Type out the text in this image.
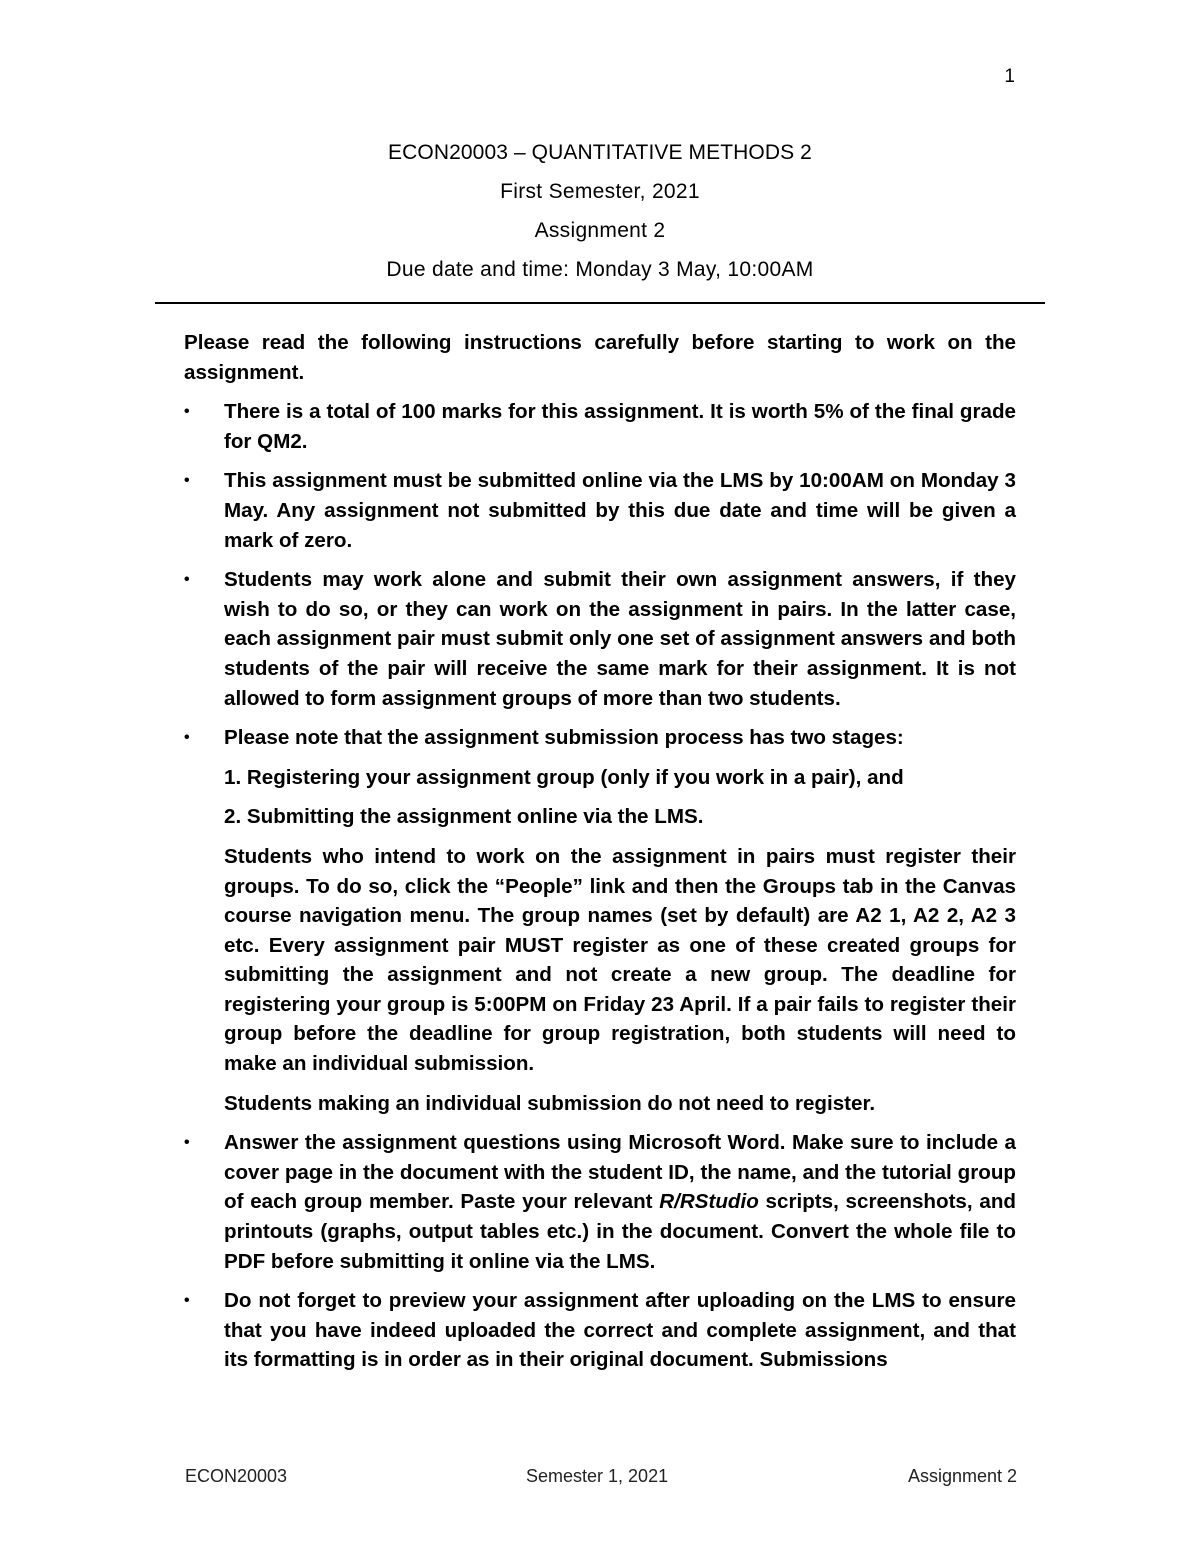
1
ECON20003 – QUANTITATIVE METHODS 2
First Semester, 2021
Assignment 2
Due date and time: Monday 3 May, 10:00AM

Please read the following instructions carefully before starting to work on the assignment.

•	There is a total of 100 marks for this assignment. It is worth 5% of the final grade for QM2.

•	This assignment must be submitted online via the LMS by 10:00AM on Monday 3 May. Any assignment not submitted by this due date and time will be given a mark of zero.

•	Students may work alone and submit their own assignment answers, if they wish to do so, or they can work on the assignment in pairs. In the latter case, each assignment pair must submit only one set of assignment answers and both students of the pair will receive the same mark for their assignment. It is not allowed to form assignment groups of more than two students.

•	Please note that the assignment submission process has two stages:

1. Registering your assignment group (only if you work in a pair), and

2. Submitting the assignment online via the LMS.

Students who intend to work on the assignment in pairs must register their groups. To do so, click the “People” link and then the Groups tab in the Canvas course navigation menu. The group names (set by default) are A2 1, A2 2, A2 3 etc. Every assignment pair MUST register as one of these created groups for submitting the assignment and not create a new group. The deadline for registering your group is 5:00PM on Friday 23 April. If a pair fails to register their group before the deadline for group registration, both students will need to make an individual submission.

Students making an individual submission do not need to register.

•	Answer the assignment questions using Microsoft Word. Make sure to include a cover page in the document with the student ID, the name, and the tutorial group of each group member. Paste your relevant R/RStudio scripts, screenshots, and printouts (graphs, output tables etc.) in the document. Convert the whole file to PDF before submitting it online via the LMS.

•	Do not forget to preview your assignment after uploading on the LMS to ensure that you have indeed uploaded the correct and complete assignment, and that its formatting is in order as in their original document. Submissions

ECON20003	Semester 1, 2021	Assignment 2
